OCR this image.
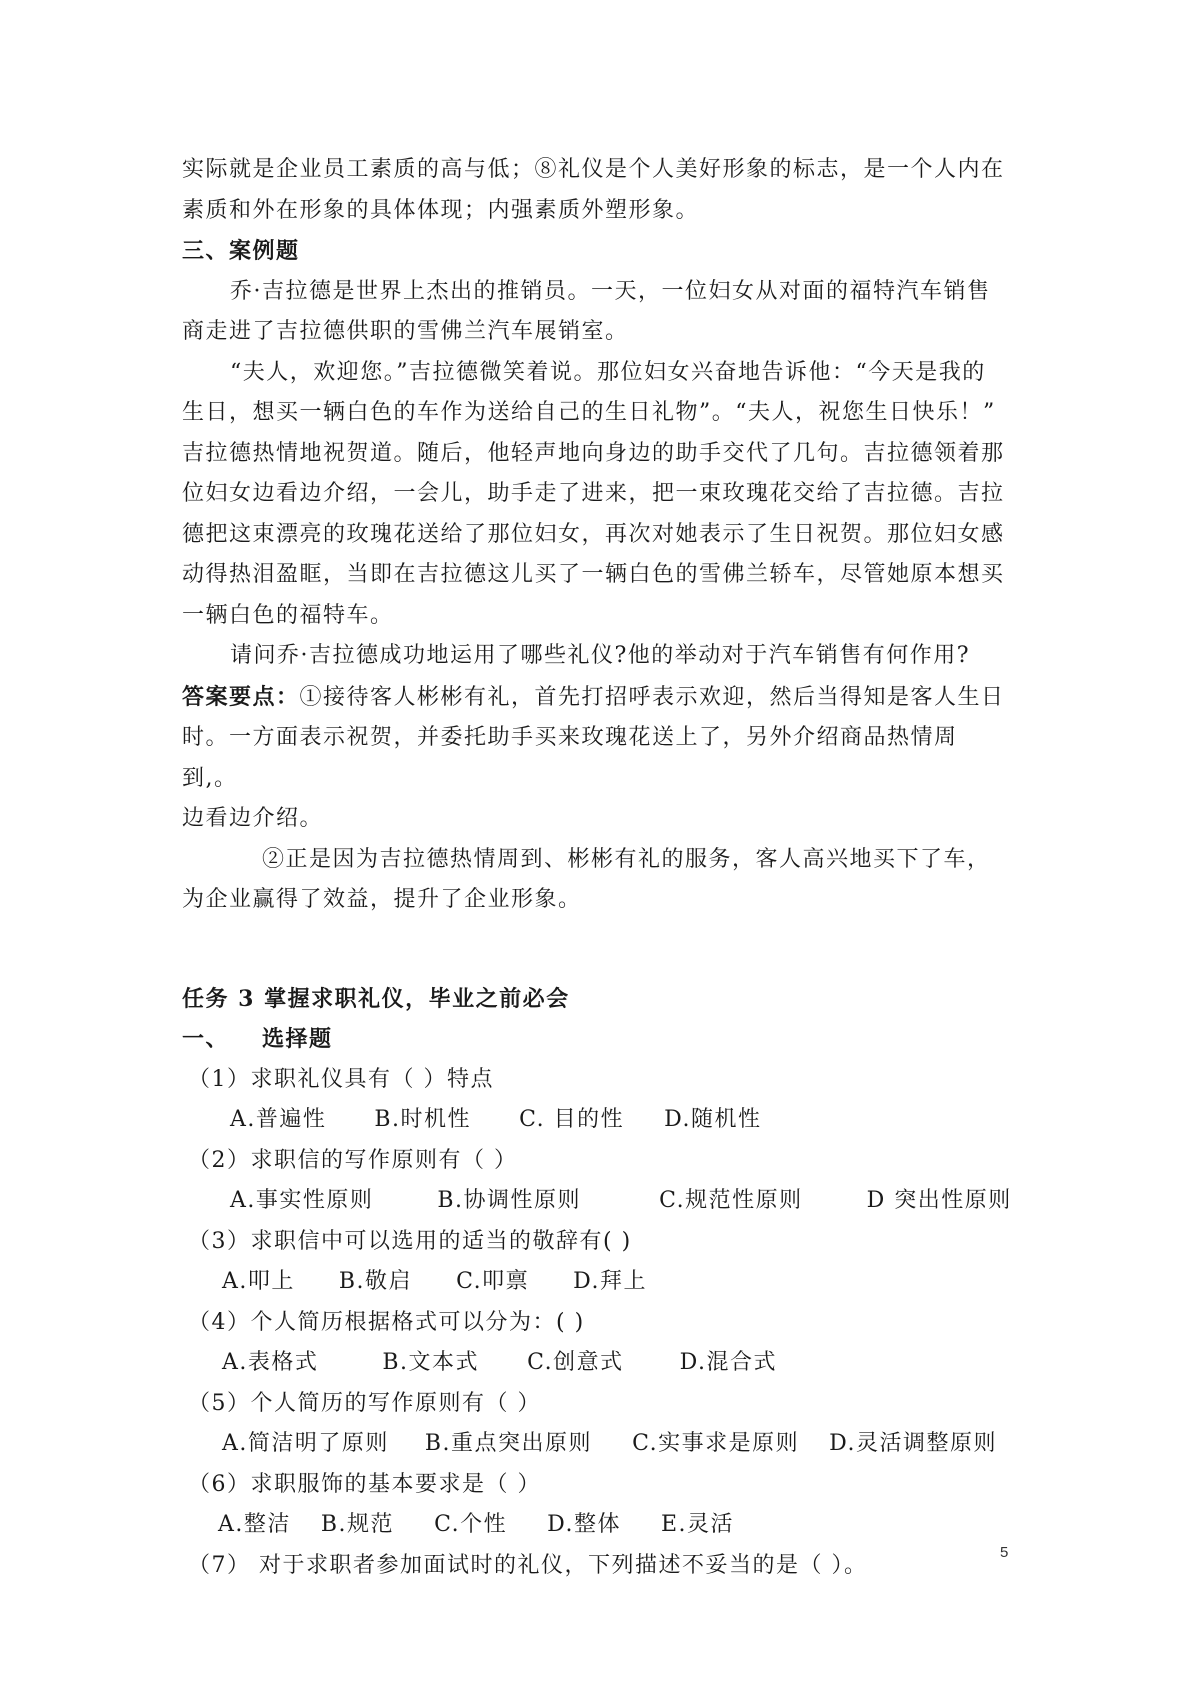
实际就是企业员工素质的高与低；⑧礼仪是个人美好形象的标志，是一个人内在

素质和外在形象的具体体现；内强素质外塑形象。

三、案例题

乔·吉拉德是世界上杰出的推销员。一天，一位妇女从对面的福特汽车销售

商走进了吉拉德供职的雪佛兰汽车展销室。

“夫人，欢迎您。”吉拉德微笑着说。那位妇女兴奋地告诉他：“今天是我的

生日，想买一辆白色的车作为送给自己的生日礼物”。“夫人，祝您生日快乐！”

吉拉德热情地祝贺道。随后，他轻声地向身边的助手交代了几句。吉拉德领着那

位妇女边看边介绍，一会儿，助手走了进来，把一束玫瑰花交给了吉拉德。吉拉

德把这束漂亮的玫瑰花送给了那位妇女，再次对她表示了生日祝贺。那位妇女感

动得热泪盈眶，当即在吉拉德这儿买了一辆白色的雪佛兰轿车，尽管她原本想买

一辆白色的福特车。

请问乔·吉拉德成功地运用了哪些礼仪?他的举动对于汽车销售有何作用?

答案要点：①接待客人彬彬有礼，首先打招呼表示欢迎，然后当得知是客人生日

时。一方面表示祝贺，并委托助手买来玫瑰花送上了，另外介绍商品热情周到,。

边看边介绍。

②正是因为吉拉德热情周到、彬彬有礼的服务，客人高兴地买下了车，

为企业赢得了效益，提升了企业形象。

任务 3 掌握求职礼仪，毕业之前必会

一、 选择题

（1）求职礼仪具有（ ）特点

A.普遍性 B.时机性 C. 目的性 D.随机性

（2）求职信的写作原则有（ ）

A.事实性原则	B.协调性原则	C.规范性原则	D 突出性原则

（3）求职信中可以选用的适当的敬辞有( )

A.叩上 B.敬启 C.叩禀 D.拜上

（4）个人简历根据格式可以分为：( )

A.表格式	B.文本式 C.创意式	D.混合式

（5）个人简历的写作原则有（ ）

A.简洁明了原则 B.重点突出原则 C.实事求是原则 D.灵活调整原则

（6）求职服饰的基本要求是（ ）

A.整洁 B.规范 C.个性 D.整体 E.灵活

（7） 对于求职者参加面试时的礼仪，下列描述不妥当的是（ ）。	5
